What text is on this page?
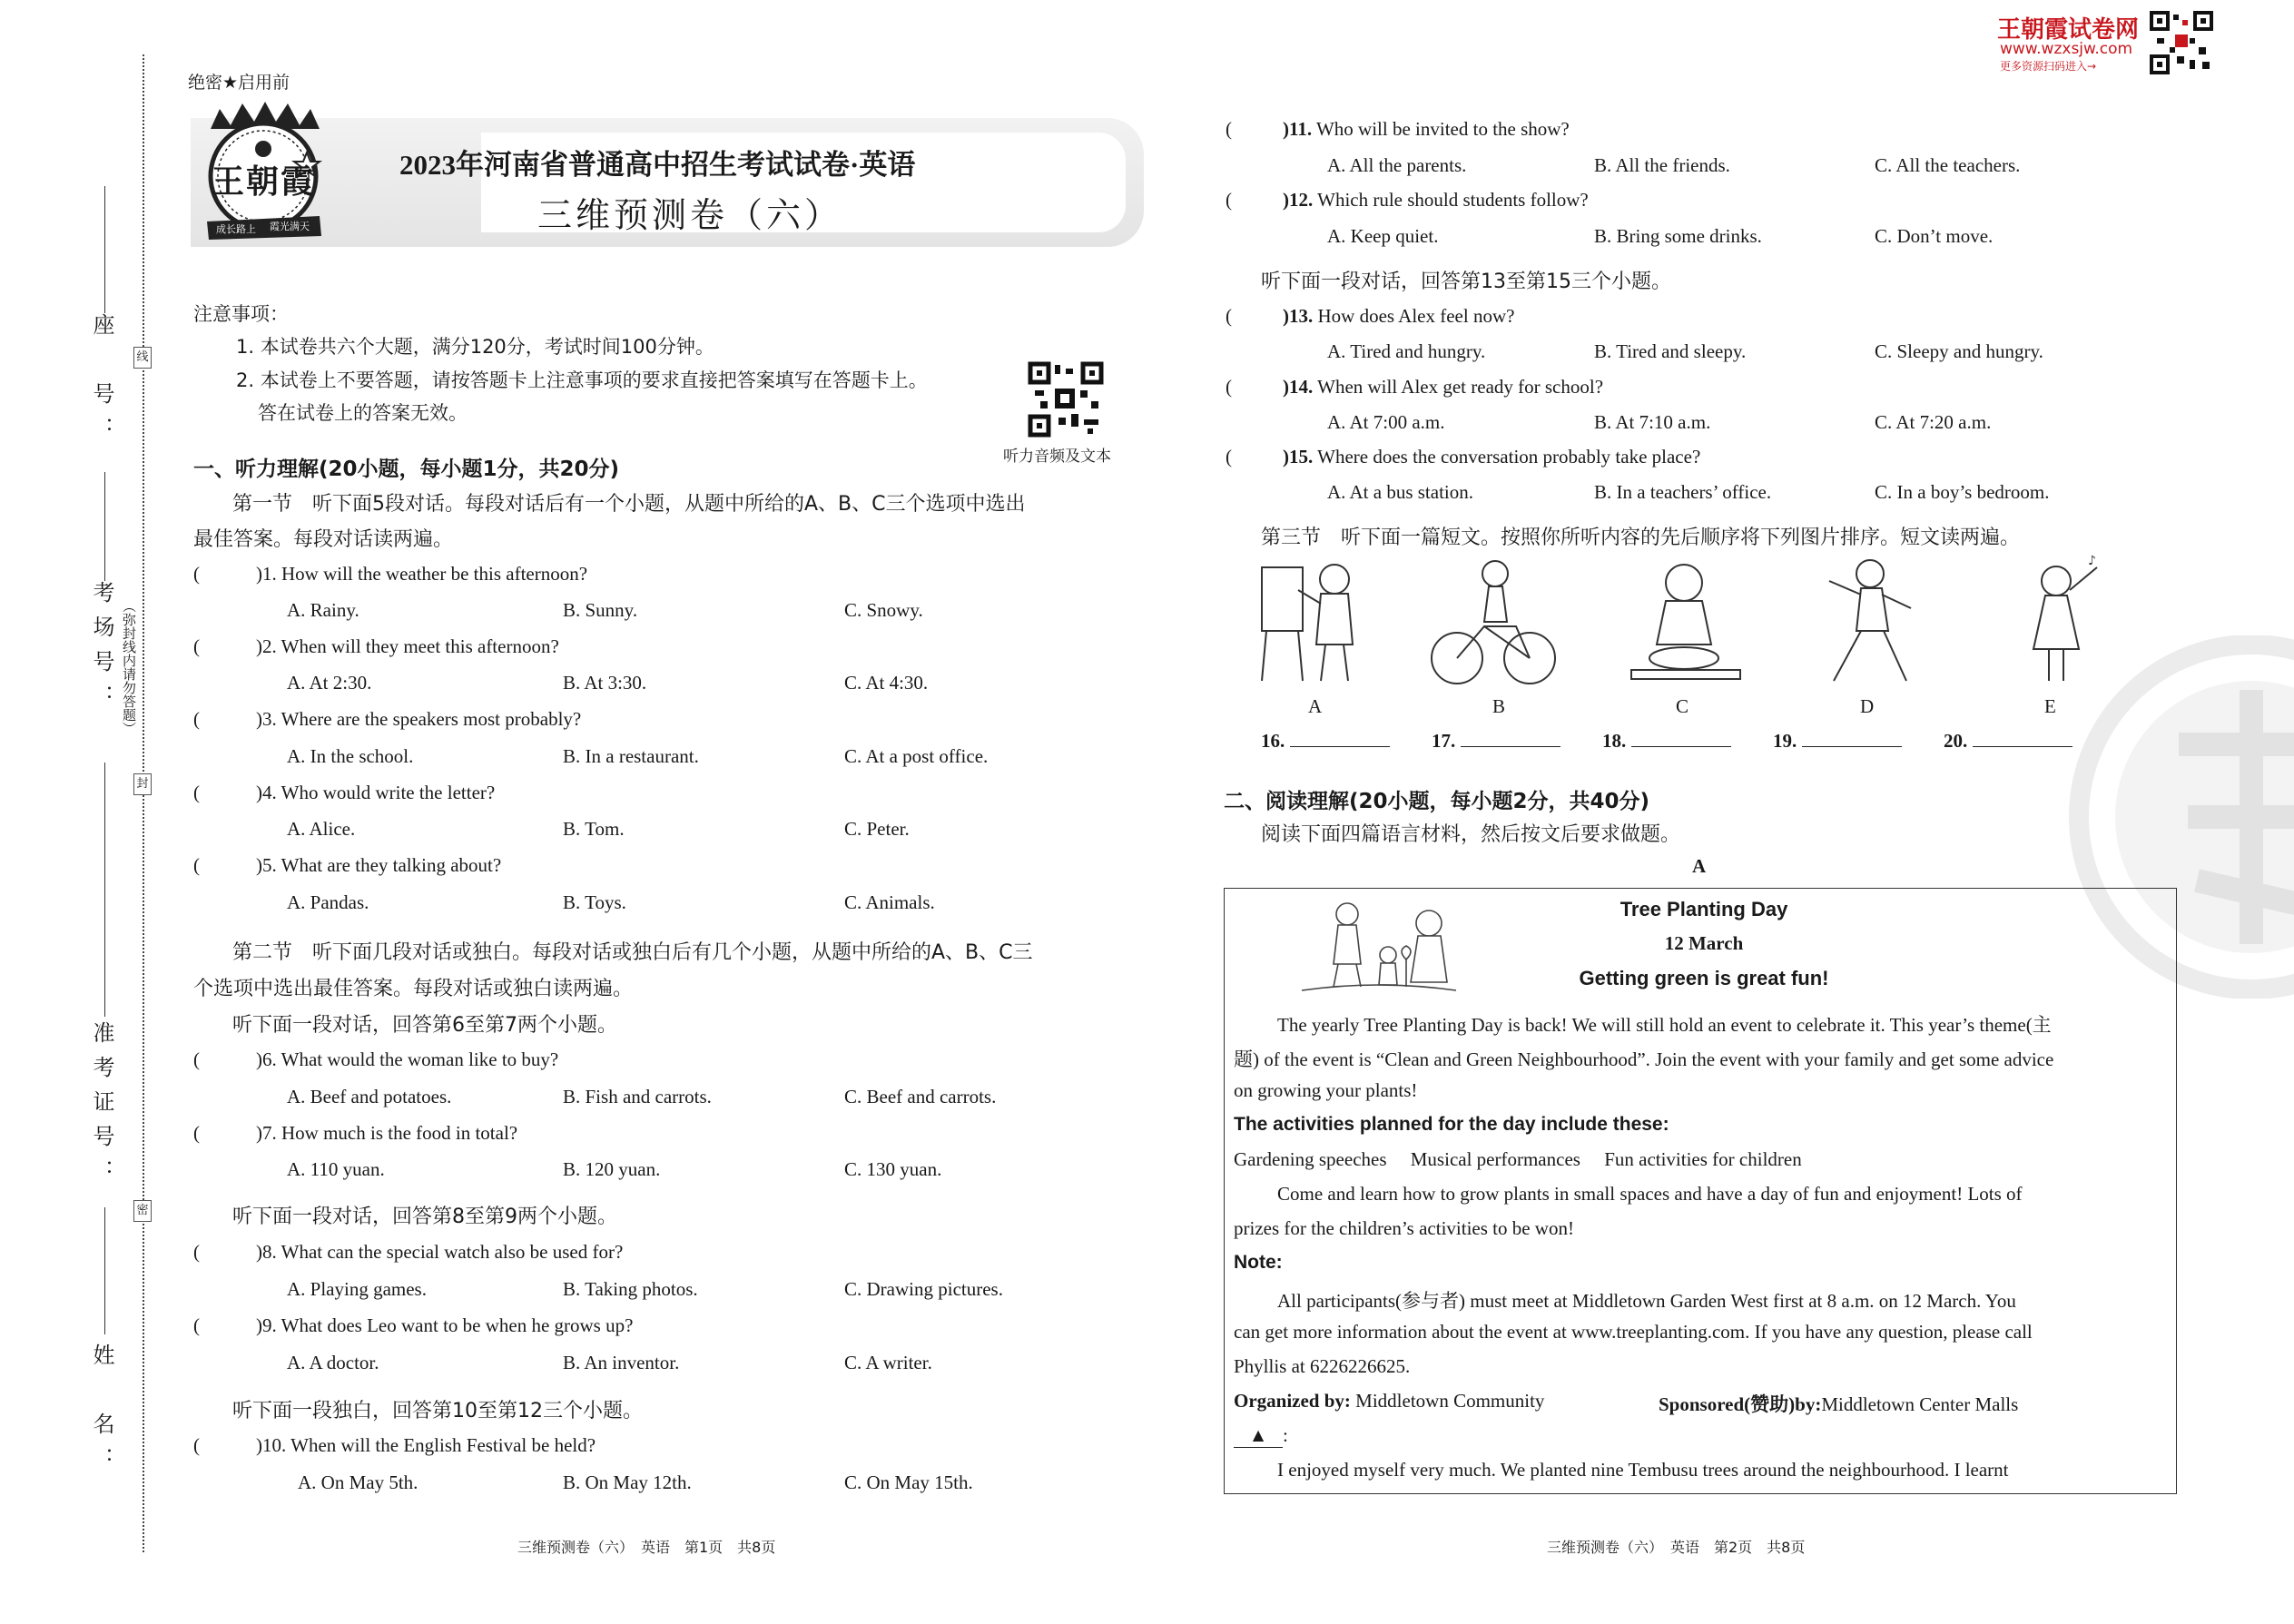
座　号：	线
考场号： （弥封线内请勿答题）
封
准考证号：
密
姓　名：
绝密★启用前
王朝霞
成长路上 霞光满天
2023年河南省普通高中招生考试试卷·英语
三维预测卷（六）
王朝霞试卷网
www.wzxsjw.com
更多资源扫码进入→
注意事项：
1. 本试卷共六个大题，满分120分，考试时间100分钟。
2. 本试卷上不要答题，请按答题卡上注意事项的要求直接把答案填写在答题卡上。
答在试卷上的答案无效。
听力音频及文本
一、听力理解(20小题，每小题1分，共20分)
第一节　听下面5段对话。每段对话后有一个小题，从题中所给的A、B、C三个选项中选出
最佳答案。每段对话读两遍。
(	)1. How will the weather be this afternoon?
A. Rainy.	B. Sunny.	C. Snowy.
(	)2. When will they meet this afternoon?
A. At 2:30.	B. At 3:30.	C. At 4:30.
(	)3. Where are the speakers most probably?
A. In the school.	B. In a restaurant.	C. At a post office.
(	)4. Who would write the letter?
A. Alice.	B. Tom.	C. Peter.
(	)5. What are they talking about?
A. Pandas.	B. Toys.	C. Animals.
第二节　听下面几段对话或独白。每段对话或独白后有几个小题，从题中所给的A、B、C三
个选项中选出最佳答案。每段对话或独白读两遍。
听下面一段对话，回答第6至第7两个小题。
(	)6. What would the woman like to buy?
A. Beef and potatoes.	B. Fish and carrots.	C. Beef and carrots.
(	)7. How much is the food in total?
A. 110 yuan.	B. 120 yuan.	C. 130 yuan.
听下面一段对话，回答第8至第9两个小题。
(	)8. What can the special watch also be used for?
A. Playing games.	B. Taking photos.	C. Drawing pictures.
(	)9. What does Leo want to be when he grows up?
A. A doctor.	B. An inventor.	C. A writer.
听下面一段独白，回答第10至第12三个小题。
(	)10. When will the English Festival be held?
A. On May 5th.	B. On May 12th.	C. On May 15th.
三维预测卷（六）　英语　第1页　共8页
(	)11. Who will be invited to the show?
A. All the parents.	B. All the friends.	C. All the teachers.
(	)12. Which rule should students follow?
A. Keep quiet.	B. Bring some drinks.	C. Don’t move.
听下面一段对话，回答第13至第15三个小题。
(	)13. How does Alex feel now?
A. Tired and hungry.	B. Tired and sleepy.	C. Sleepy and hungry.
(	)14. When will Alex get ready for school?
A. At 7:00 a.m.	B. At 7:10 a.m.	C. At 7:20 a.m.
(	)15. Where does the conversation probably take place?
A. At a bus station.	B. In a teachers’ office.	C. In a boy’s bedroom.
第三节　听下面一篇短文。按照你所听内容的先后顺序将下列图片排序。短文读两遍。
♪
A	B	C	D	E
16.	17.	18.	19.	20.
二、阅读理解(20小题，每小题2分，共40分)
阅读下面四篇语言材料，然后按文后要求做题。
A
Tree Planting Day
12 March
Getting green is great fun!
The yearly Tree Planting Day is back! We will still hold an event to celebrate it. This year’s theme(主
题) of the event is “Clean and Green Neighbourhood”. Join the event with your family and get some advice
on growing your plants!
The activities planned for the day include these:
Gardening speeches     Musical performances     Fun activities for children
Come and learn how to grow plants in small spaces and have a day of fun and enjoyment! Lots of
prizes for the children’s activities to be won!
Note:
All participants(参与者) must meet at Middletown Garden West first at 8 a.m. on 12 March. You
can get more information about the event at www.treeplanting.com. If you have any question, please call
Phyllis at 6226226625.
Organized by: Middletown Community	Sponsored(赞助)by:Middletown Center Malls
▲ :
I enjoyed myself very much. We planted nine Tembusu trees around the neighbourhood. I learnt
三维预测卷（六）　英语　第2页　共8页
